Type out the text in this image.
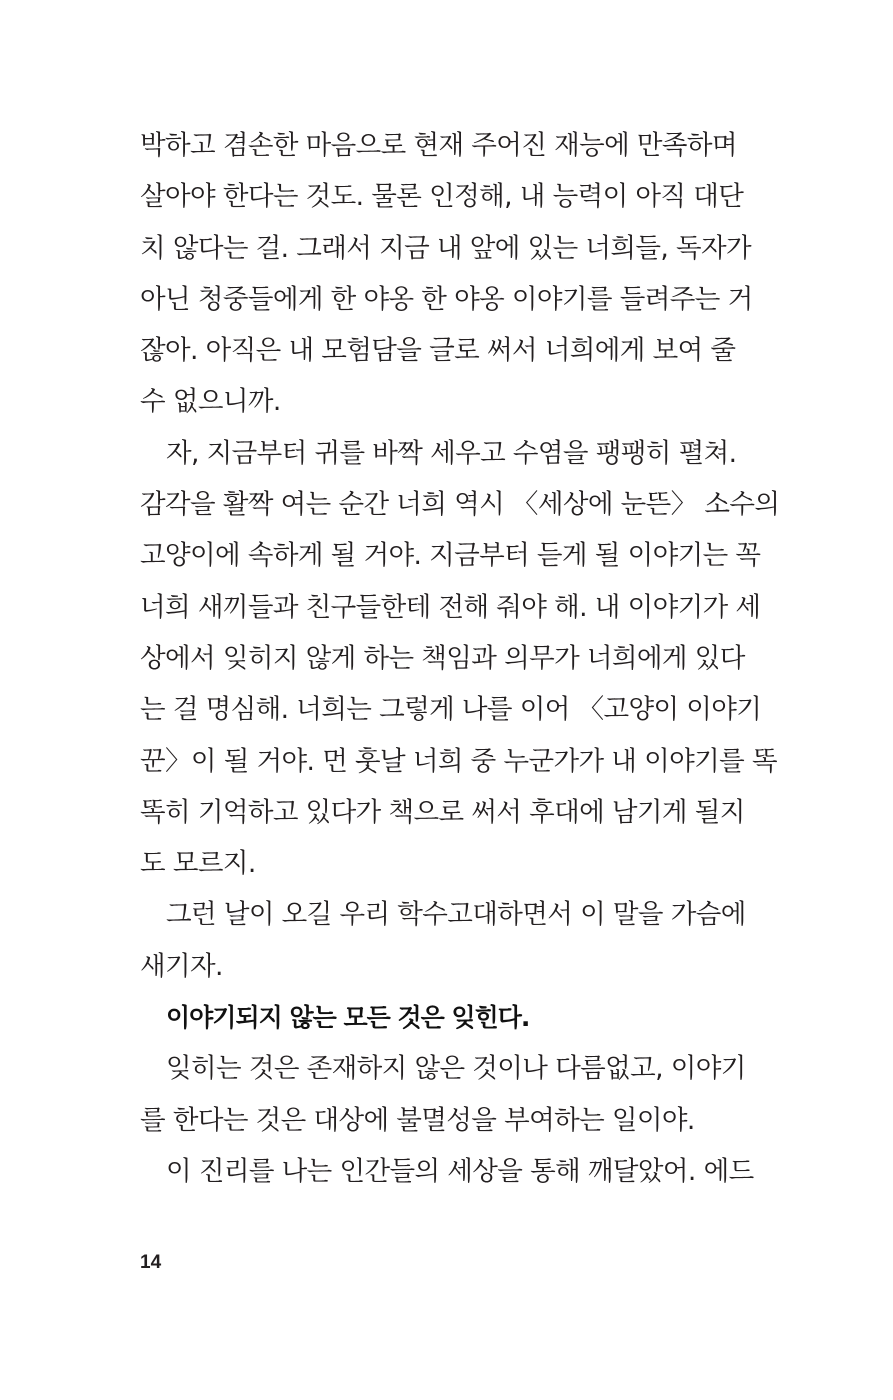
박하고 겸손한 마음으로 현재 주어진 재능에 만족하며
살아야 한다는 것도. 물론 인정해, 내 능력이 아직 대단
치 않다는 걸. 그래서 지금 내 앞에 있는 너희들, 독자가
아닌 청중들에게 한 야옹 한 야옹 이야기를 들려주는 거
잖아. 아직은 내 모험담을 글로 써서 너희에게 보여 줄
수 없으니까.
자, 지금부터 귀를 바짝 세우고 수염을 팽팽히 펼쳐.
감각을 활짝 여는 순간 너희 역시 〈세상에 눈뜬〉 소수의
고양이에 속하게 될 거야. 지금부터 듣게 될 이야기는 꼭
너희 새끼들과 친구들한테 전해 줘야 해. 내 이야기가 세
상에서 잊히지 않게 하는 책임과 의무가 너희에게 있다
는 걸 명심해. 너희는 그렇게 나를 이어 〈고양이 이야기
꾼〉이 될 거야. 먼 훗날 너희 중 누군가가 내 이야기를 똑
똑히 기억하고 있다가 책으로 써서 후대에 남기게 될지
도 모르지.
그런 날이 오길 우리 학수고대하면서 이 말을 가슴에
새기자.
이야기되지 않는 모든 것은 잊힌다.
잊히는 것은 존재하지 않은 것이나 다름없고, 이야기
를 한다는 것은 대상에 불멸성을 부여하는 일이야.
이 진리를 나는 인간들의 세상을 통해 깨달았어. 에드
14
